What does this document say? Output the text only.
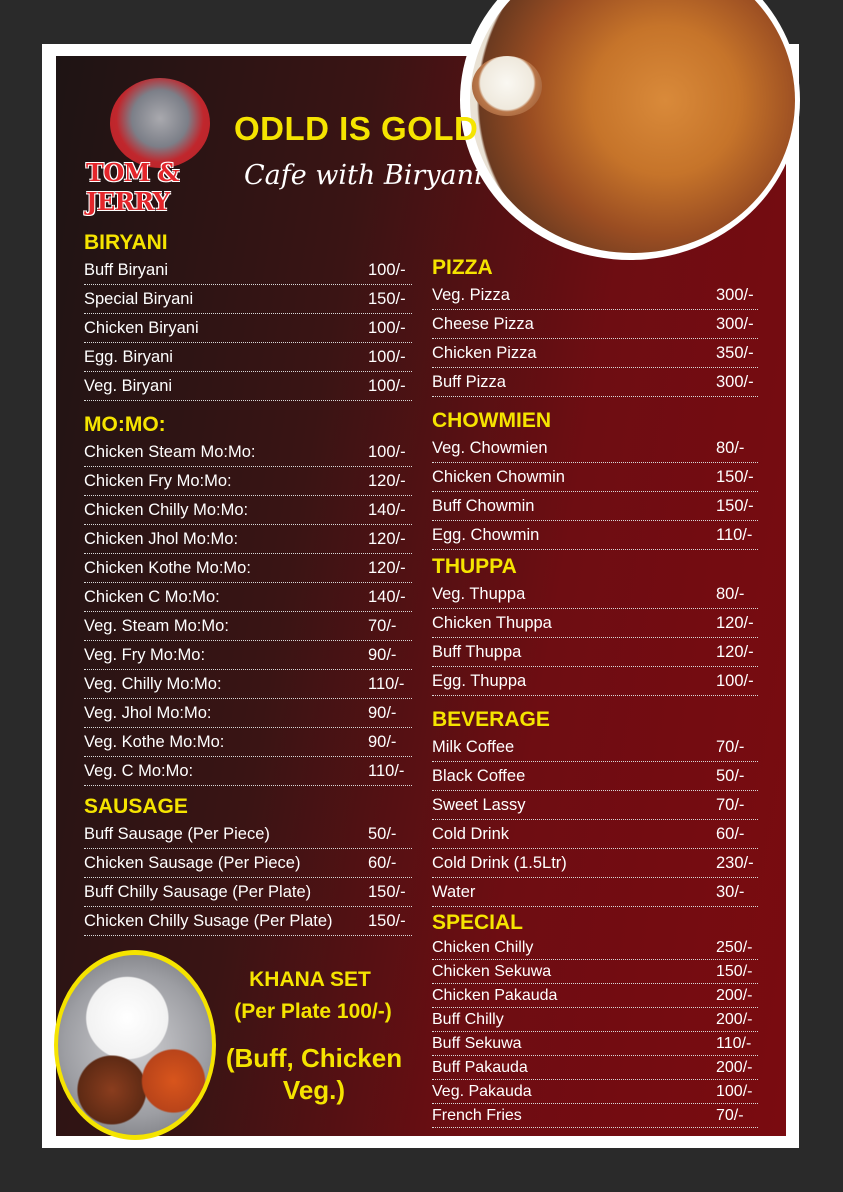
TOM & JERRY
ODLD IS GOLD
Cafe with Biryani
BIRYANI
Buff Biryani	100/-
Special Biryani	150/-
Chicken Biryani	100/-
Egg. Biryani	100/-
Veg. Biryani	100/-
MO:MO:
Chicken Steam Mo:Mo:	100/-
Chicken Fry Mo:Mo:	120/-
Chicken Chilly Mo:Mo:	140/-
Chicken Jhol Mo:Mo:	120/-
Chicken Kothe Mo:Mo:	120/-
Chicken C Mo:Mo:	140/-
Veg. Steam Mo:Mo:	70/-
Veg. Fry Mo:Mo:	90/-
Veg. Chilly Mo:Mo:	110/-
Veg. Jhol Mo:Mo:	90/-
Veg. Kothe Mo:Mo:	90/-
Veg. C Mo:Mo:	110/-
SAUSAGE
Buff Sausage (Per Piece)	50/-
Chicken Sausage (Per Piece)	60/-
Buff Chilly Sausage (Per Plate)	150/-
Chicken Chilly Susage (Per Plate) 150/-
PIZZA
Veg. Pizza	300/-
Cheese Pizza	300/-
Chicken Pizza	350/-
Buff Pizza	300/-
CHOWMIEN
Veg. Chowmien	80/-
Chicken Chowmin	150/-
Buff Chowmin	150/-
Egg. Chowmin	110/-
THUPPA
Veg. Thuppa	80/-
Chicken Thuppa	120/-
Buff Thuppa	120/-
Egg. Thuppa	100/-
BEVERAGE
Milk Coffee	70/-
Black Coffee	50/-
Sweet Lassy	70/-
Cold Drink	60/-
Cold Drink (1.5Ltr)	230/-
Water	30/-
SPECIAL
Chicken Chilly	250/-
Chicken Sekuwa	150/-
Chicken Pakauda	200/-
Buff Chilly	200/-
Buff Sekuwa	110/-
Buff Pakauda	200/-
Veg. Pakauda	100/-
French Fries	70/-
KHANA SET
(Per Plate 100/-)
(Buff, Chicken
Veg.)
